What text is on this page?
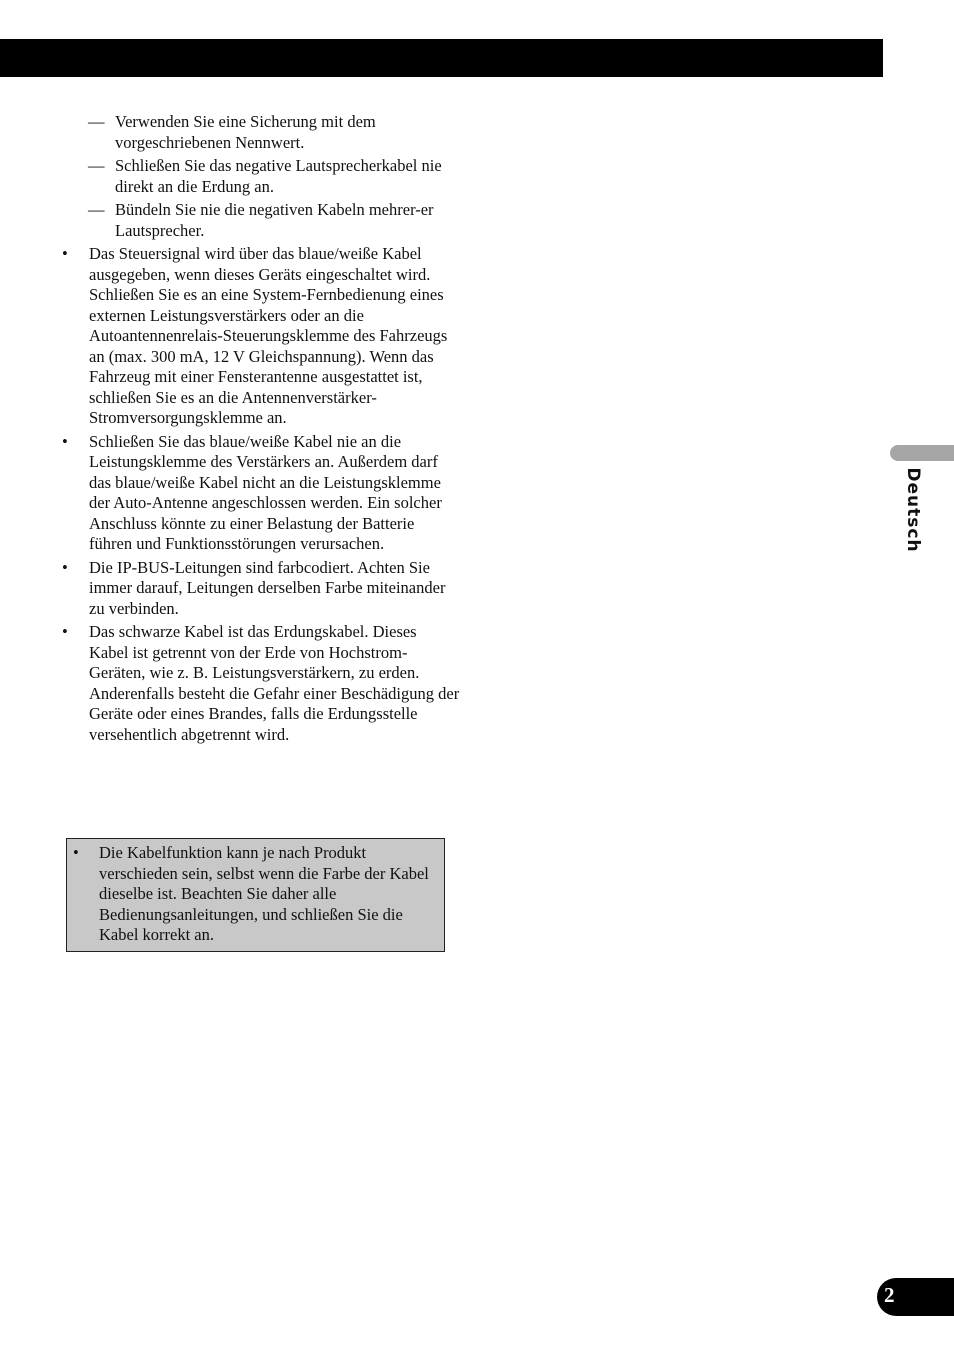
— Verwenden Sie eine Sicherung mit dem vorgeschriebenen Nennwert.
— Schließen Sie das negative Lautsprecherkabel nie direkt an die Erdung an.
— Bündeln Sie nie die negativen Kabeln mehrer-er Lautsprecher.
• Das Steuersignal wird über das blaue/weiße Kabel ausgegeben, wenn dieses Geräts eingeschaltet wird. Schließen Sie es an eine System-Fernbedienung eines externen Leistungsverstärkers oder an die Autoantennenrelais-Steuerungsklemme des Fahrzeugs an (max. 300 mA, 12 V Gleichspannung). Wenn das Fahrzeug mit einer Fensterantenne ausgestattet ist, schließen Sie es an die Antennenverstärker-Stromversorgungsklemme an.
• Schließen Sie das blaue/weiße Kabel nie an die Leistungsklemme des Verstärkers an. Außerdem darf das blaue/weiße Kabel nicht an die Leistungsklemme der Auto-Antenne angeschlossen werden. Ein solcher Anschluss könnte zu einer Belastung der Batterie führen und Funktionsstörungen verursachen.
• Die IP-BUS-Leitungen sind farbcodiert. Achten Sie immer darauf, Leitungen derselben Farbe miteinander zu verbinden.
• Das schwarze Kabel ist das Erdungskabel. Dieses Kabel ist getrennt von der Erde von Hochstrom-Geräten, wie z. B. Leistungsverstärkern, zu erden. Anderenfalls besteht die Gefahr einer Beschädigung der Geräte oder eines Brandes, falls die Erdungsstelle versehentlich abgetrennt wird.
• Die Kabelfunktion kann je nach Produkt verschieden sein, selbst wenn die Farbe der Kabel dieselbe ist. Beachten Sie daher alle Bedienungsanleitungen, und schließen Sie die Kabel korrekt an.
Deutsch
2
